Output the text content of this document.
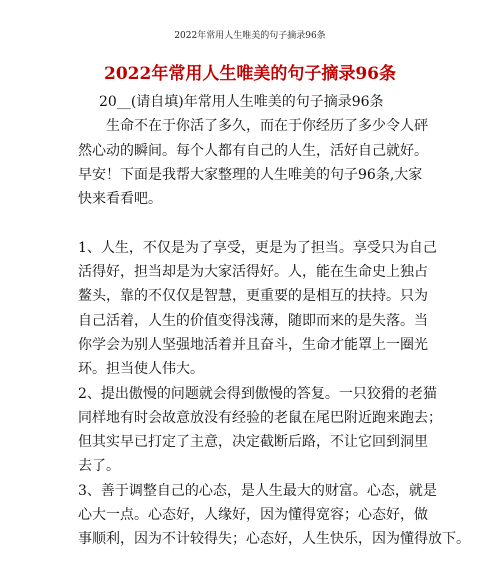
2022年常用人生唯美的句子摘录96条
2022年常用人生唯美的句子摘录96条
20__(请自填)年常用人生唯美的句子摘录96条
生命不在于你活了多久，而在于你经历了多少令人砰
然心动的瞬间。每个人都有自己的人生，活好自己就好。
早安！下面是我帮大家整理的人生唯美的句子96条,大家
快来看看吧。
1、人生，不仅是为了享受，更是为了担当。享受只为自己
活得好，担当却是为大家活得好。人，能在生命史上独占
鳌头，靠的不仅仅是智慧，更重要的是相互的扶持。只为
自己活着，人生的价值变得浅薄，随即而来的是失落。当
你学会为别人坚强地活着并且奋斗，生命才能罩上一圈光
环。担当使人伟大。
2、提出傲慢的问题就会得到傲慢的答复。一只狡猾的老猫
同样地有时会故意放没有经验的老鼠在尾巴附近跑来跑去；
但其实早已打定了主意，决定截断后路，不让它回到洞里
去了。
3、善于调整自己的心态，是人生最大的财富。心态，就是
心大一点。心态好，人缘好，因为懂得宽容；心态好，做
事顺利，因为不计较得失；心态好，人生快乐，因为懂得放下。
